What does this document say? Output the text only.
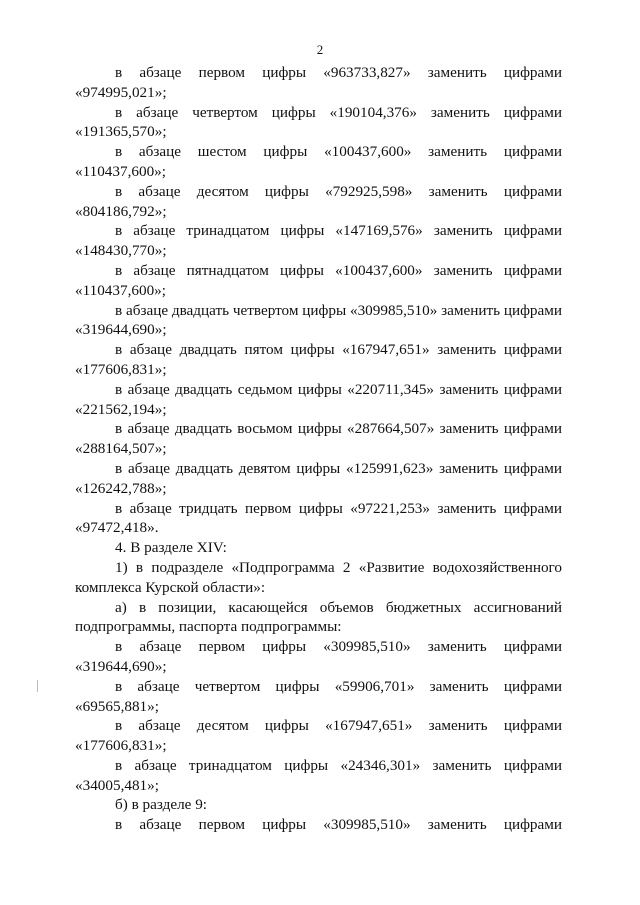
2

в абзаце первом цифры «963733,827» заменить цифрами
«974995,021»;

в абзаце четвертом цифры «190104,376» заменить цифрами
«191365,570»;

в абзаце шестом цифры «100437,600» заменить цифрами
«110437,600»;

в абзаце десятом цифры «792925,598» заменить цифрами
«804186,792»;

в абзаце тринадцатом цифры «147169,576» заменить цифрами
«148430,770»;

в абзаце пятнадцатом цифры «100437,600» заменить цифрами
«110437,600»;

в абзаце двадцать четвертом цифры «309985,510» заменить цифрами
«319644,690»;

в абзаце двадцать пятом цифры «167947,651» заменить цифрами
«177606,831»;

в абзаце двадцать седьмом цифры «220711,345» заменить цифрами
«221562,194»;

в абзаце двадцать восьмом цифры «287664,507» заменить цифрами
«288164,507»;

в абзаце двадцать девятом цифры «125991,623» заменить цифрами
«126242,788»;

в абзаце тридцать первом цифры «97221,253» заменить цифрами
«97472,418».

4. В разделе XIV:

1) в подразделе «Подпрограмма 2 «Развитие водохозяйственного
комплекса Курской области»:

а) в позиции, касающейся объемов бюджетных ассигнований
подпрограммы, паспорта подпрограммы:

в абзаце первом цифры «309985,510» заменить цифрами
«319644,690»;

в абзаце четвертом цифры «59906,701» заменить цифрами
«69565,881»;

в абзаце десятом цифры «167947,651» заменить цифрами
«177606,831»;

в абзаце тринадцатом цифры «24346,301» заменить цифрами
«34005,481»;

б) в разделе 9:

в абзаце первом цифры «309985,510» заменить цифрами
